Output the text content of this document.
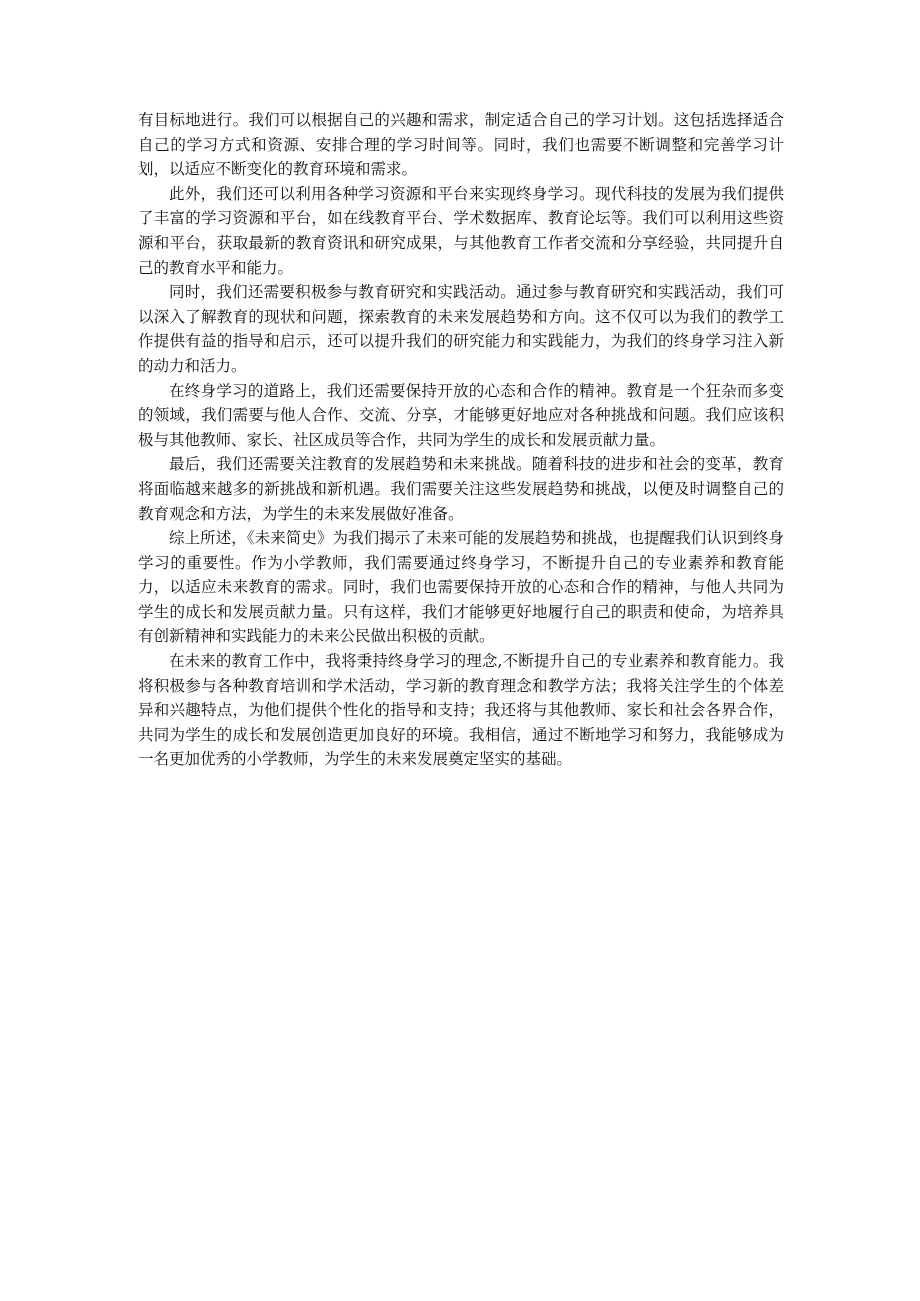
有目标地进行。我们可以根据自己的兴趣和需求，制定适合自己的学习计划。这包括选择适合自己的学习方式和资源、安排合理的学习时间等。同时，我们也需要不断调整和完善学习计划，以适应不断变化的教育环境和需求。

此外，我们还可以利用各种学习资源和平台来实现终身学习。现代科技的发展为我们提供了丰富的学习资源和平台，如在线教育平台、学术数据库、教育论坛等。我们可以利用这些资源和平台，获取最新的教育资讯和研究成果，与其他教育工作者交流和分享经验，共同提升自己的教育水平和能力。

同时，我们还需要积极参与教育研究和实践活动。通过参与教育研究和实践活动，我们可以深入了解教育的现状和问题，探索教育的未来发展趋势和方向。这不仅可以为我们的教学工作提供有益的指导和启示，还可以提升我们的研究能力和实践能力，为我们的终身学习注入新的动力和活力。

在终身学习的道路上，我们还需要保持开放的心态和合作的精神。教育是一个狂杂而多变的领域，我们需要与他人合作、交流、分享，才能够更好地应对各种挑战和问题。我们应该积极与其他教师、家长、社区成员等合作，共同为学生的成长和发展贡献力量。

最后，我们还需要关注教育的发展趋势和未来挑战。随着科技的进步和社会的变革，教育将面临越来越多的新挑战和新机遇。我们需要关注这些发展趋势和挑战，以便及时调整自己的教育观念和方法，为学生的未来发展做好准备。

综上所述，《未来简史》为我们揭示了未来可能的发展趋势和挑战，也提醒我们认识到终身学习的重要性。作为小学教师，我们需要通过终身学习，不断提升自己的专业素养和教育能力，以适应未来教育的需求。同时，我们也需要保持开放的心态和合作的精神，与他人共同为学生的成长和发展贡献力量。只有这样，我们才能够更好地履行自己的职责和使命，为培养具有创新精神和实践能力的未来公民做出积极的贡献。

在未来的教育工作中，我将秉持终身学习的理念,不断提升自己的专业素养和教育能力。我将积极参与各种教育培训和学术活动，学习新的教育理念和教学方法；我将关注学生的个体差异和兴趣特点，为他们提供个性化的指导和支持；我还将与其他教师、家长和社会各界合作，共同为学生的成长和发展创造更加良好的环境。我相信，通过不断地学习和努力，我能够成为一名更加优秀的小学教师，为学生的未来发展奠定坚实的基础。
